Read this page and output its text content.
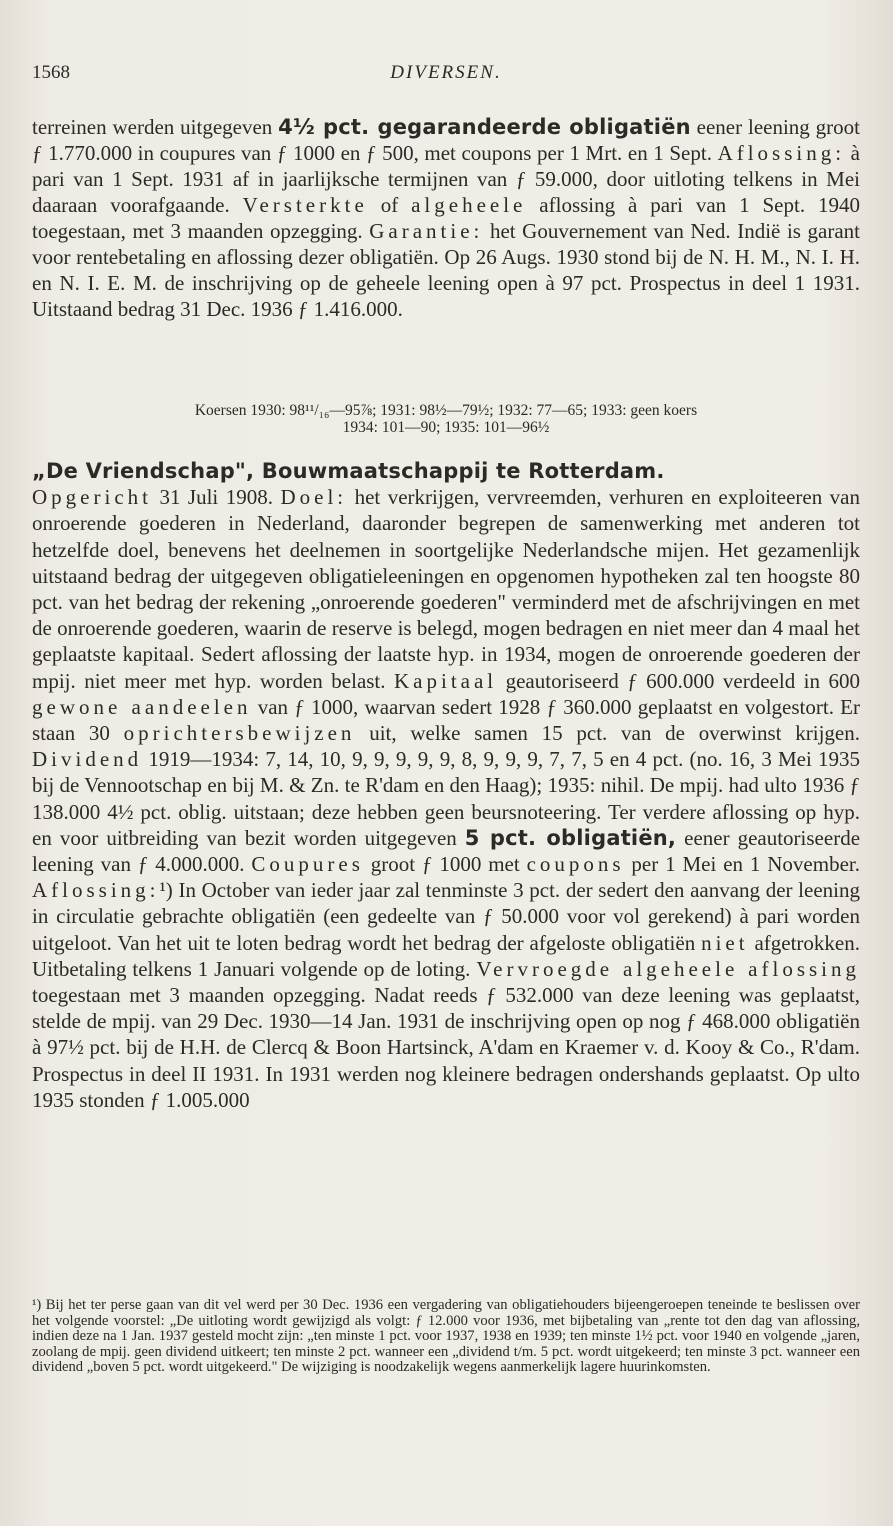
1568	DIVERSEN.

terreinen werden uitgegeven 4½ pct. gegarandeerde obligatiën eener leening groot ƒ 1.770.000 in coupures van ƒ 1000 en ƒ 500, met coupons per 1 Mrt. en 1 Sept. Aflossing: à pari van 1 Sept. 1931 af in jaarlijksche termijnen van ƒ 59.000, door uitloting telkens in Mei daaraan voorafgaande. Versterkte of algeheele aflossing à pari van 1 Sept. 1940 toegestaan, met 3 maanden opzegging. Garantie: het Gouvernement van Ned. Indië is garant voor rentebetaling en aflossing dezer obligatiën. Op 26 Augs. 1930 stond bij de N. H. M., N. I. H. en N. I. E. M. de inschrijving op de geheele leening open à 97 pct. Prospectus in deel 1 1931. Uitstaand bedrag 31 Dec. 1936 ƒ 1.416.000.

Koersen 1930: 98¹¹/₁₆—95⅞; 1931: 98½—79½; 1932: 77—65; 1933: geen koers
1934: 101—90; 1935: 101—96½

„De Vriendschap", Bouwmaatschappij te Rotterdam.

Opgericht 31 Juli 1908. Doel: het verkrijgen, vervreemden, verhuren en exploiteeren van onroerende goederen in Nederland, daaronder begrepen de samenwerking met anderen tot hetzelfde doel, benevens het deelnemen in soortgelijke Nederlandsche mijen. Het gezamenlijk uitstaand bedrag der uitgegeven obligatieleeningen en opgenomen hypotheken zal ten hoogste 80 pct. van het bedrag der rekening „onroerende goederen" verminderd met de afschrijvingen en met de onroerende goederen, waarin de reserve is belegd, mogen bedragen en niet meer dan 4 maal het geplaatste kapitaal. Sedert aflossing der laatste hyp. in 1934, mogen de onroerende goederen der mpij. niet meer met hyp. worden belast. Kapitaal geautoriseerd ƒ 600.000 verdeeld in 600 gewone aandeelen van ƒ 1000, waarvan sedert 1928 ƒ 360.000 geplaatst en volgestort. Er staan 30 oprichtersbewijzen uit, welke samen 15 pct. van de overwinst krijgen. Dividend 1919—1934: 7, 14, 10, 9, 9, 9, 9, 9, 8, 9, 9, 9, 7, 7, 5 en 4 pct. (no. 16, 3 Mei 1935 bij de Vennootschap en bij M. & Zn. te R'dam en den Haag); 1935: nihil. De mpij. had ulto 1936 ƒ 138.000 4½ pct. oblig. uitstaan; deze hebben geen beursnoteering. Ter verdere aflossing op hyp. en voor uitbreiding van bezit worden uitgegeven 5 pct. obligatiën, eener geautoriseerde leening van ƒ 4.000.000. Coupures groot ƒ 1000 met coupons per 1 Mei en 1 November. Aflossing:¹) In October van ieder jaar zal tenminste 3 pct. der sedert den aanvang der leening in circulatie gebrachte obligatiën (een gedeelte van ƒ 50.000 voor vol gerekend) à pari worden uitgeloot. Van het uit te loten bedrag wordt het bedrag der afgeloste obligatiën niet afgetrokken. Uitbetaling telkens 1 Januari volgende op de loting. Vervroegde algeheele aflossing toegestaan met 3 maanden opzegging. Nadat reeds ƒ 532.000 van deze leening was geplaatst, stelde de mpij. van 29 Dec. 1930—14 Jan. 1931 de inschrijving open op nog ƒ 468.000 obligatiën à 97½ pct. bij de H.H. de Clercq & Boon Hartsinck, A'dam en Kraemer v. d. Kooy & Co., R'dam. Prospectus in deel II 1931. In 1931 werden nog kleinere bedragen ondershands geplaatst. Op ulto 1935 stonden ƒ 1.005.000

¹) Bij het ter perse gaan van dit vel werd per 30 Dec. 1936 een vergadering van obligatiehouders bijeengeroepen teneinde te beslissen over het volgende voorstel: „De uitloting wordt gewijzigd als volgt: ƒ 12.000 voor 1936, met bijbetaling van „rente tot den dag van aflossing, indien deze na 1 Jan. 1937 gesteld mocht zijn: „ten minste 1 pct. voor 1937, 1938 en 1939; ten minste 1½ pct. voor 1940 en volgende „jaren, zoolang de mpij. geen dividend uitkeert; ten minste 2 pct. wanneer een „dividend t/m. 5 pct. wordt uitgekeerd; ten minste 3 pct. wanneer een dividend „boven 5 pct. wordt uitgekeerd." De wijziging is noodzakelijk wegens aanmerkelijk lagere huurinkomsten.
